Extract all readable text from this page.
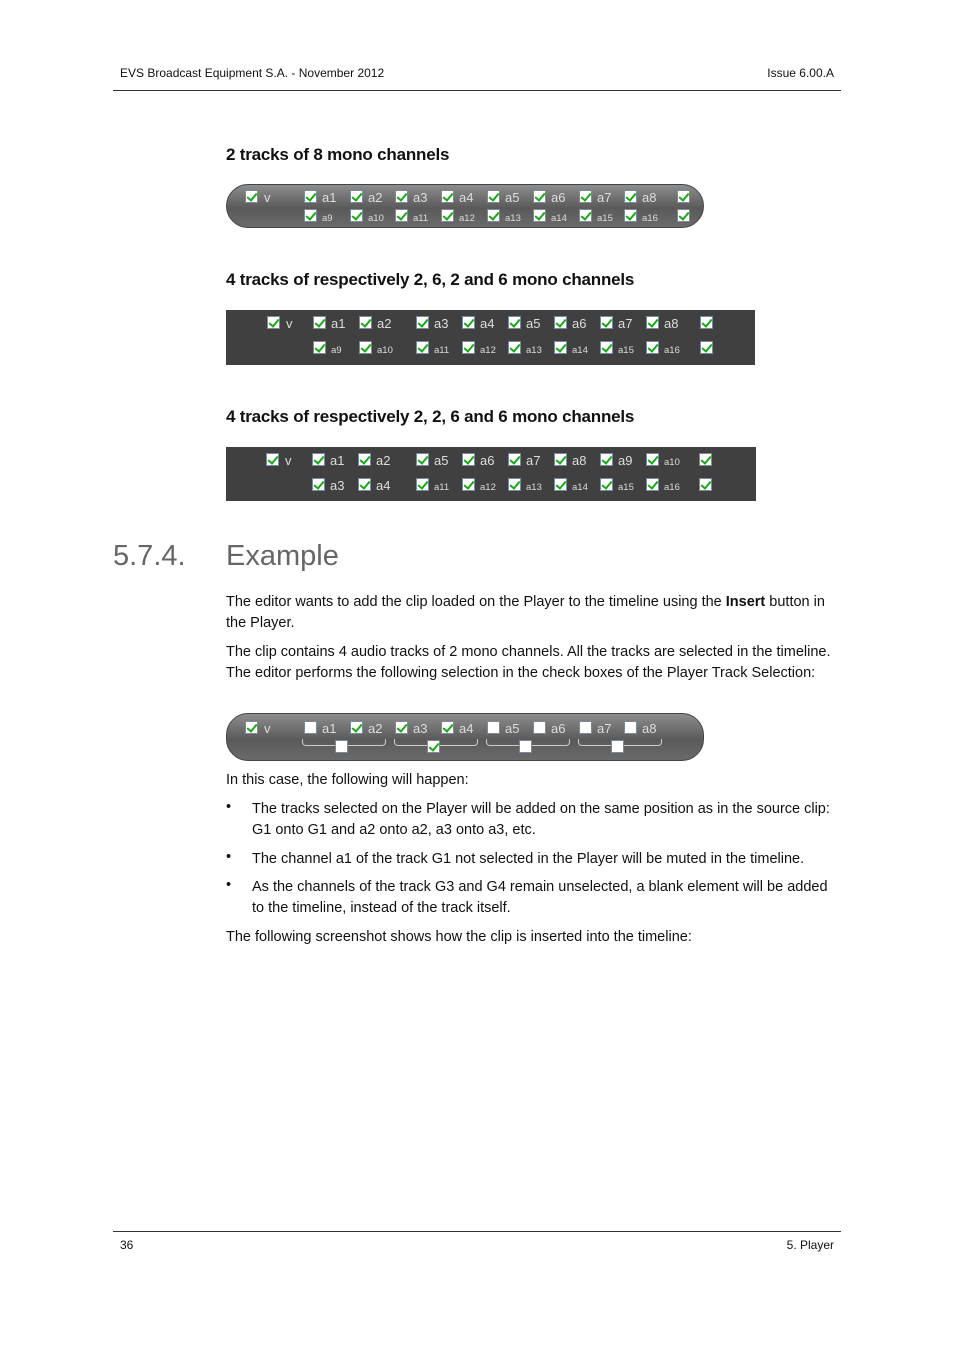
EVS Broadcast Equipment S.A. - November 2012	Issue 6.00.A
2 tracks of 8 mono channels
v	a1 a2 a3 a4 a5 a6 a7 a8
a9	a10	a11	a12	a13	a14	a15	a16
4 tracks of respectively 2, 6, 2 and 6 mono channels
v	a1 a2	a3 a4 a5 a6 a7 a8
a9	a10	a11	a12	a13	a14	a15	a16
4 tracks of respectively 2, 2, 6 and 6 mono channels
v	a1 a2	a5 a6 a7 a8 a9	a10
a3 a4	a11	a12	a13	a14	a15	a16
5.7.4. Example
The editor wants to add the clip loaded on the Player to the timeline using the Insert button in the Player.
The clip contains 4 audio tracks of 2 mono channels. All the tracks are selected in the timeline. The editor performs the following selection in the check boxes of the Player Track Selection:
v	a1 a2 a3 a4 a5 a6 a7 a8
In this case, the following will happen:
• The tracks selected on the Player will be added on the same position as in the source clip: G1 onto G1 and a2 onto a2, a3 onto a3, etc.
• The channel a1 of the track G1 not selected in the Player will be muted in the timeline.
• As the channels of the track G3 and G4 remain unselected, a blank element will be added to the timeline, instead of the track itself.
The following screenshot shows how the clip is inserted into the timeline:
36	5. Player
